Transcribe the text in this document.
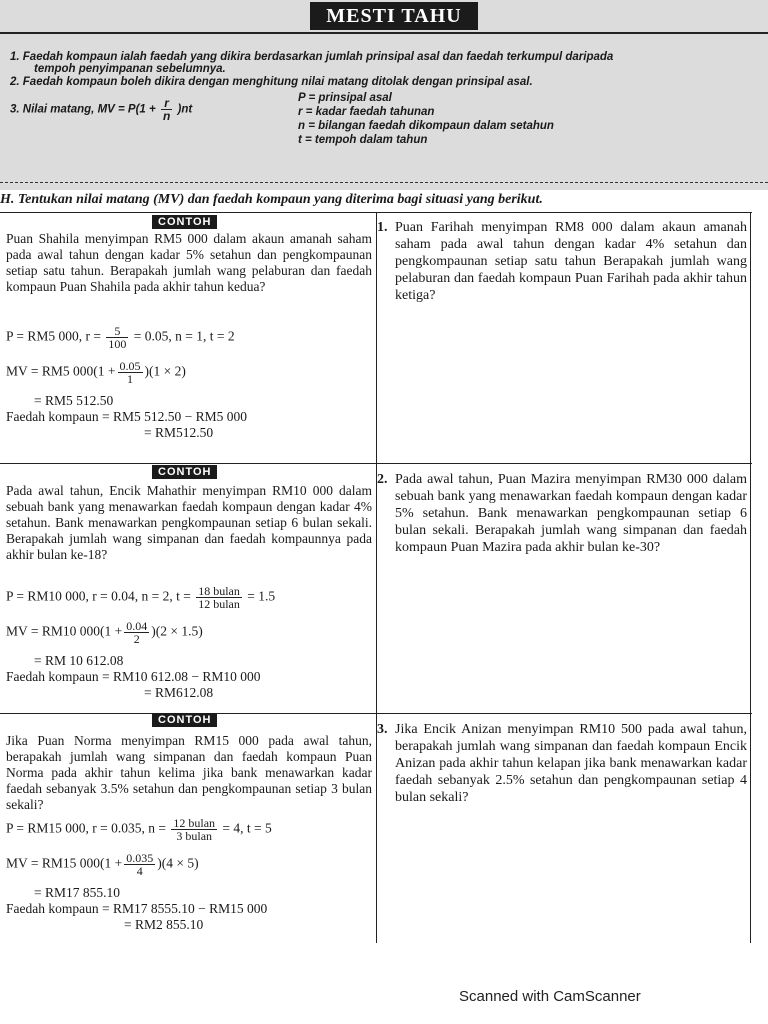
MESTI TAHU
1. Faedah kompaun ialah faedah yang dikira berdasarkan jumlah prinsipal asal dan faedah terkumpul daripada
tempoh penyimpanan sebelumnya.
2. Faedah kompaun boleh dikira dengan menghitung nilai matang ditolak dengan prinsipal asal.
3. Nilai matang, MV = $P(1 + \frac{r}{n} )nt$
P = prinsipal asal
r = kadar faedah tahunan
n = bilangan faedah dikompaun dalam setahun
t = tempoh dalam tahun
H. Tentukan nilai matang (MV) dan faedah kompaun yang diterima bagi situasi yang berikut.
CONTOH
Puan Shahila menyimpan RM5 000 dalam akaun amanah saham pada awal tahun dengan kadar 5% setahun dan pengkompaunan setiap satu tahun. Berapakah jumlah wang pelaburan dan faedah kompaun Puan Shahila pada akhir tahun kedua?
P = RM5 000, $r = \frac{5}{100} = 0.05$, n = 1, t = 2
MV = RM5 $000(1 + \frac{0.05}{1} )(1 \times 2)$
= RM5 512.50
Faedah kompaun = RM5 512.50 − RM5 000
= RM512.50
CONTOH
Pada awal tahun, Encik Mahathir menyimpan RM10 000 dalam sebuah bank yang menawarkan faedah kompaun dengan kadar 4% setahun. Bank menawarkan pengkompaunan setiap 6 bulan sekali. Berapakah jumlah wang simpanan dan faedah kompaunnya pada akhir bulan ke-18?
P = RM10 000, r = 0.04, n = 2, $t = \frac{\text{18 bulan}}{\text{12 bulan}} = 1.5$
MV = RM10 $000(1 + \frac{0.04}{2} )(2 \times 1.5)$
= RM 10 612.08
Faedah kompaun = RM10 612.08 − RM10 000
= RM612.08
CONTOH
Jika Puan Norma menyimpan RM15 000 pada awal tahun, berapakah jumlah wang simpanan dan faedah kompaun Puan Norma pada akhir tahun kelima jika bank menawarkan kadar faedah sebanyak 3.5% setahun dan pengkompaunan setiap 3 bulan sekali?
P = RM15 000, r = 0.035, $n = \frac{\text{12 bulan}}{\text{3 bulan}} = 4$, t = 5
MV = RM15 $000(1 + \frac{0.035}{4} )(4 \times 5)$
= RM17 855.10
Faedah kompaun = RM17 8555.10 − RM15 000
= RM2 855.10
1. Puan Farihah menyimpan RM8 000 dalam akaun amanah saham pada awal tahun dengan kadar 4% setahun dan pengkompaunan setiap satu tahun Berapakah jumlah wang pelaburan dan faedah kompaun Puan Farihah pada akhir tahun ketiga?
2. Pada awal tahun, Puan Mazira menyimpan RM30 000 dalam sebuah bank yang menawarkan faedah kompaun dengan kadar 5% setahun. Bank menawarkan pengkompaunan setiap 6 bulan sekali. Berapakah jumlah wang simpanan dan faedah kompaun Puan Mazira pada akhir bulan ke-30?
3. Jika Encik Anizan menyimpan RM10 500 pada awal tahun, berapakah jumlah wang simpanan dan faedah kompaun Encik Anizan pada akhir tahun kelapan jika bank menawarkan kadar faedah sebanyak 2.5% setahun dan pengkompaunan setiap 4 bulan sekali?
Scanned with CamScanner
